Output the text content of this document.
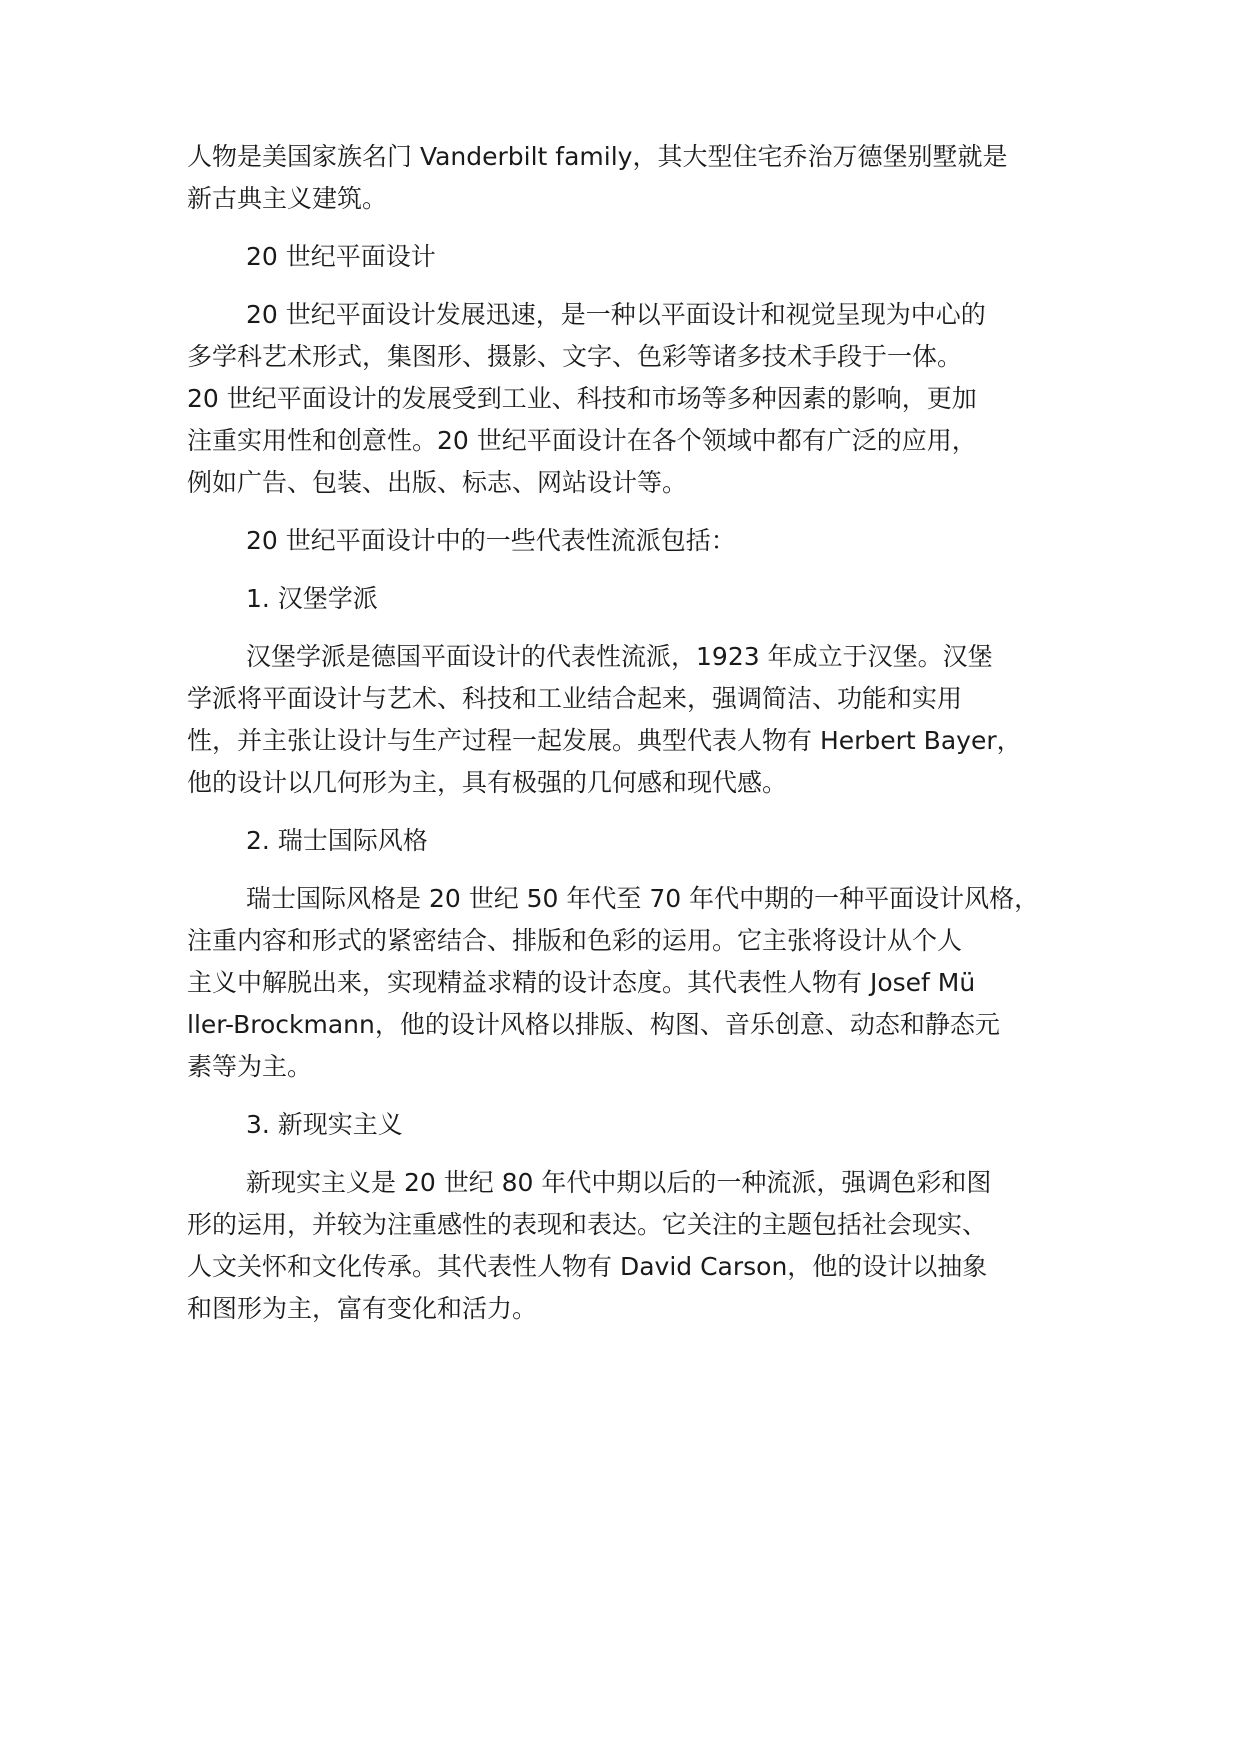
人物是美国家族名门 Vanderbilt family，其大型住宅乔治万德堡别墅就是
新古典主义建筑。
20 世纪平面设计
20 世纪平面设计发展迅速，是一种以平面设计和视觉呈现为中心的
多学科艺术形式，集图形、摄影、文字、色彩等诸多技术手段于一体。
20 世纪平面设计的发展受到工业、科技和市场等多种因素的影响，更加
注重实用性和创意性。20 世纪平面设计在各个领域中都有广泛的应用，
例如广告、包装、出版、标志、网站设计等。
20 世纪平面设计中的一些代表性流派包括：
1. 汉堡学派
汉堡学派是德国平面设计的代表性流派，1923 年成立于汉堡。汉堡
学派将平面设计与艺术、科技和工业结合起来，强调简洁、功能和实用
性，并主张让设计与生产过程一起发展。典型代表人物有 Herbert Bayer，
他的设计以几何形为主，具有极强的几何感和现代感。
2. 瑞士国际风格
瑞士国际风格是 20 世纪 50 年代至 70 年代中期的一种平面设计风格，
注重内容和形式的紧密结合、排版和色彩的运用。它主张将设计从个人
主义中解脱出来，实现精益求精的设计态度。其代表性人物有 Josef Mü
ller-Brockmann，他的设计风格以排版、构图、音乐创意、动态和静态元
素等为主。
3. 新现实主义
新现实主义是 20 世纪 80 年代中期以后的一种流派，强调色彩和图
形的运用，并较为注重感性的表现和表达。它关注的主题包括社会现实、
人文关怀和文化传承。其代表性人物有 David Carson，他的设计以抽象
和图形为主，富有变化和活力。
